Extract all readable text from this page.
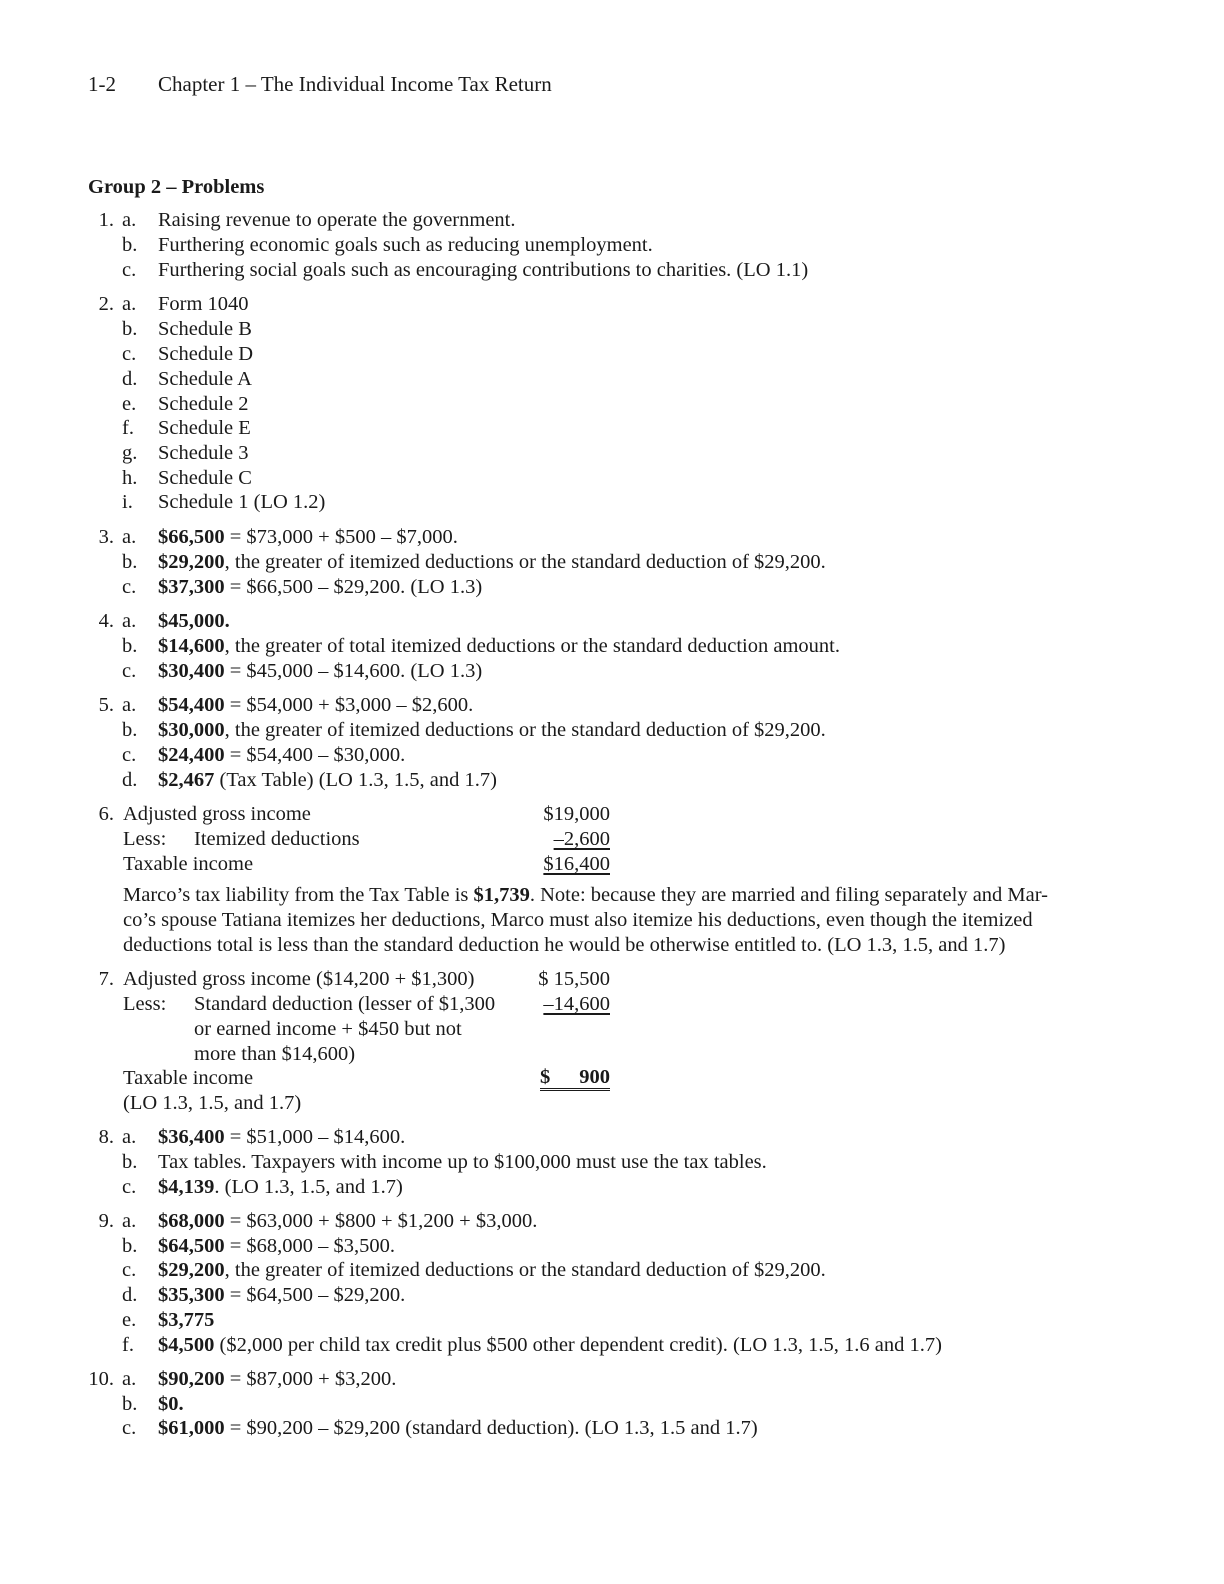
1-2 Chapter 1 – The Individual Income Tax Return
Group 2 – Problems
1. a. Raising revenue to operate the government.
b. Furthering economic goals such as reducing unemployment.
c. Furthering social goals such as encouraging contributions to charities. (LO 1.1)
2. a. Form 1040
b. Schedule B
c. Schedule D
d. Schedule A
e. Schedule 2
f. Schedule E
g. Schedule 3
h. Schedule C
i. Schedule 1 (LO 1.2)
3. a. $66,500 = $73,000 + $500 – $7,000.
b. $29,200, the greater of itemized deductions or the standard deduction of $29,200.
c. $37,300 = $66,500 – $29,200. (LO 1.3)
4. a. $45,000.
b. $14,600, the greater of total itemized deductions or the standard deduction amount.
c. $30,400 = $45,000 – $14,600. (LO 1.3)
5. a. $54,400 = $54,000 + $3,000 – $2,600.
b. $30,000, the greater of itemized deductions or the standard deduction of $29,200.
c. $24,400 = $54,400 – $30,000.
d. $2,467 (Tax Table) (LO 1.3, 1.5, and 1.7)
6. Adjusted gross income	$19,000
Less: Itemized deductions	–2,600
Taxable income	$16,400
Marco’s tax liability from the Tax Table is $1,739. Note: because they are married and filing separately and Mar-
co’s spouse Tatiana itemizes her deductions, Marco must also itemize his deductions, even though the itemized
deductions total is less than the standard deduction he would be otherwise entitled to. (LO 1.3, 1.5, and 1.7)
7. Adjusted gross income ($14,200 + $1,300)	$ 15,500
Less: Standard deduction (lesser of $1,300	–14,600
or earned income + $450 but not
more than $14,600)
Taxable income	$ 900
(LO 1.3, 1.5, and 1.7)
8. a. $36,400 = $51,000 – $14,600.
b. Tax tables. Taxpayers with income up to $100,000 must use the tax tables.
c. $4,139. (LO 1.3, 1.5, and 1.7)
9. a. $68,000 = $63,000 + $800 + $1,200 + $3,000.
b. $64,500 = $68,000 – $3,500.
c. $29,200, the greater of itemized deductions or the standard deduction of $29,200.
d. $35,300 = $64,500 – $29,200.
e. $3,775
f. $4,500 ($2,000 per child tax credit plus $500 other dependent credit). (LO 1.3, 1.5, 1.6 and 1.7)
10. a. $90,200 = $87,000 + $3,200.
b. $0.
c. $61,000 = $90,200 – $29,200 (standard deduction). (LO 1.3, 1.5 and 1.7)
